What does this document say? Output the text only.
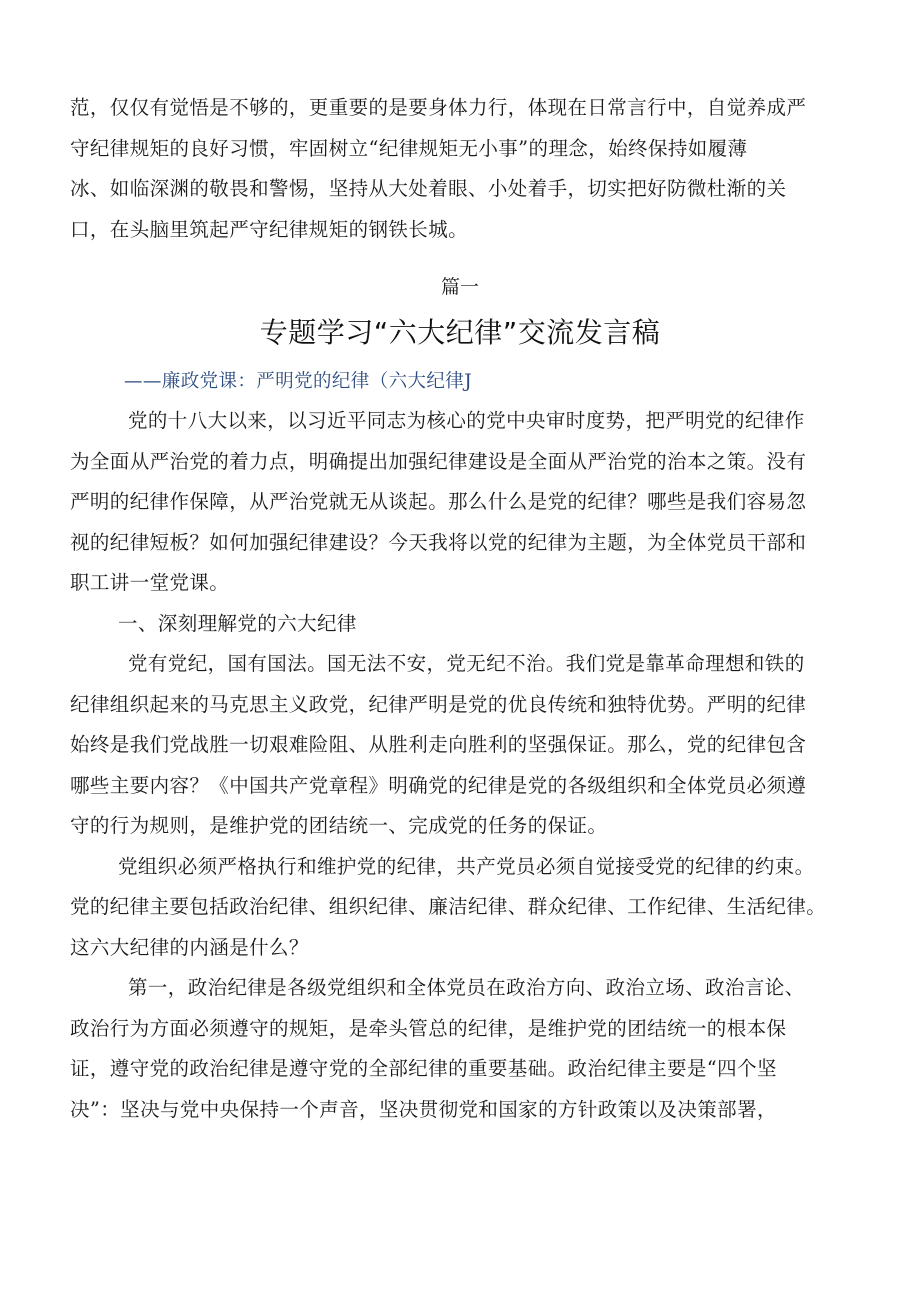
范，仅仅有觉悟是不够的，更重要的是要身体力行，体现在日常言行中，自觉养成严

守纪律规矩的良好习惯，牢固树立“纪律规矩无小事”的理念，始终保持如履薄

冰、如临深渊的敬畏和警惕，坚持从大处着眼、小处着手，切实把好防微杜渐的关

口，在头脑里筑起严守纪律规矩的钢铁长城。

篇一
专题学习“六大纪律”交流发言稿
——廉政党课：严明党的纪律（六大纪律J

党的十八大以来，以习近平同志为核心的党中央审时度势，把严明党的纪律作

为全面从严治党的着力点，明确提出加强纪律建设是全面从严治党的治本之策。没有

严明的纪律作保障，从严治党就无从谈起。那么什么是党的纪律？哪些是我们容易忽

视的纪律短板？如何加强纪律建设？今天我将以党的纪律为主题，为全体党员干部和

职工讲一堂党课。

一、深刻理解党的六大纪律

党有党纪，国有国法。国无法不安，党无纪不治。我们党是靠革命理想和铁的

纪律组织起来的马克思主义政党，纪律严明是党的优良传统和独特优势。严明的纪律

始终是我们党战胜一切艰难险阻、从胜利走向胜利的坚强保证。那么，党的纪律包含

哪些主要内容？《中国共产党章程》明确党的纪律是党的各级组织和全体党员必须遵

守的行为规则，是维护党的团结统一、完成党的任务的保证。

党组织必须严格执行和维护党的纪律，共产党员必须自觉接受党的纪律的约束。

党的纪律主要包括政治纪律、组织纪律、廉洁纪律、群众纪律、工作纪律、生活纪律。

这六大纪律的内涵是什么？

第一，政治纪律是各级党组织和全体党员在政治方向、政治立场、政治言论、

政治行为方面必须遵守的规矩，是牵头管总的纪律，是维护党的团结统一的根本保

证，遵守党的政治纪律是遵守党的全部纪律的重要基础。政治纪律主要是“四个坚

决”：坚决与党中央保持一个声音，坚决贯彻党和国家的方针政策以及决策部署，
